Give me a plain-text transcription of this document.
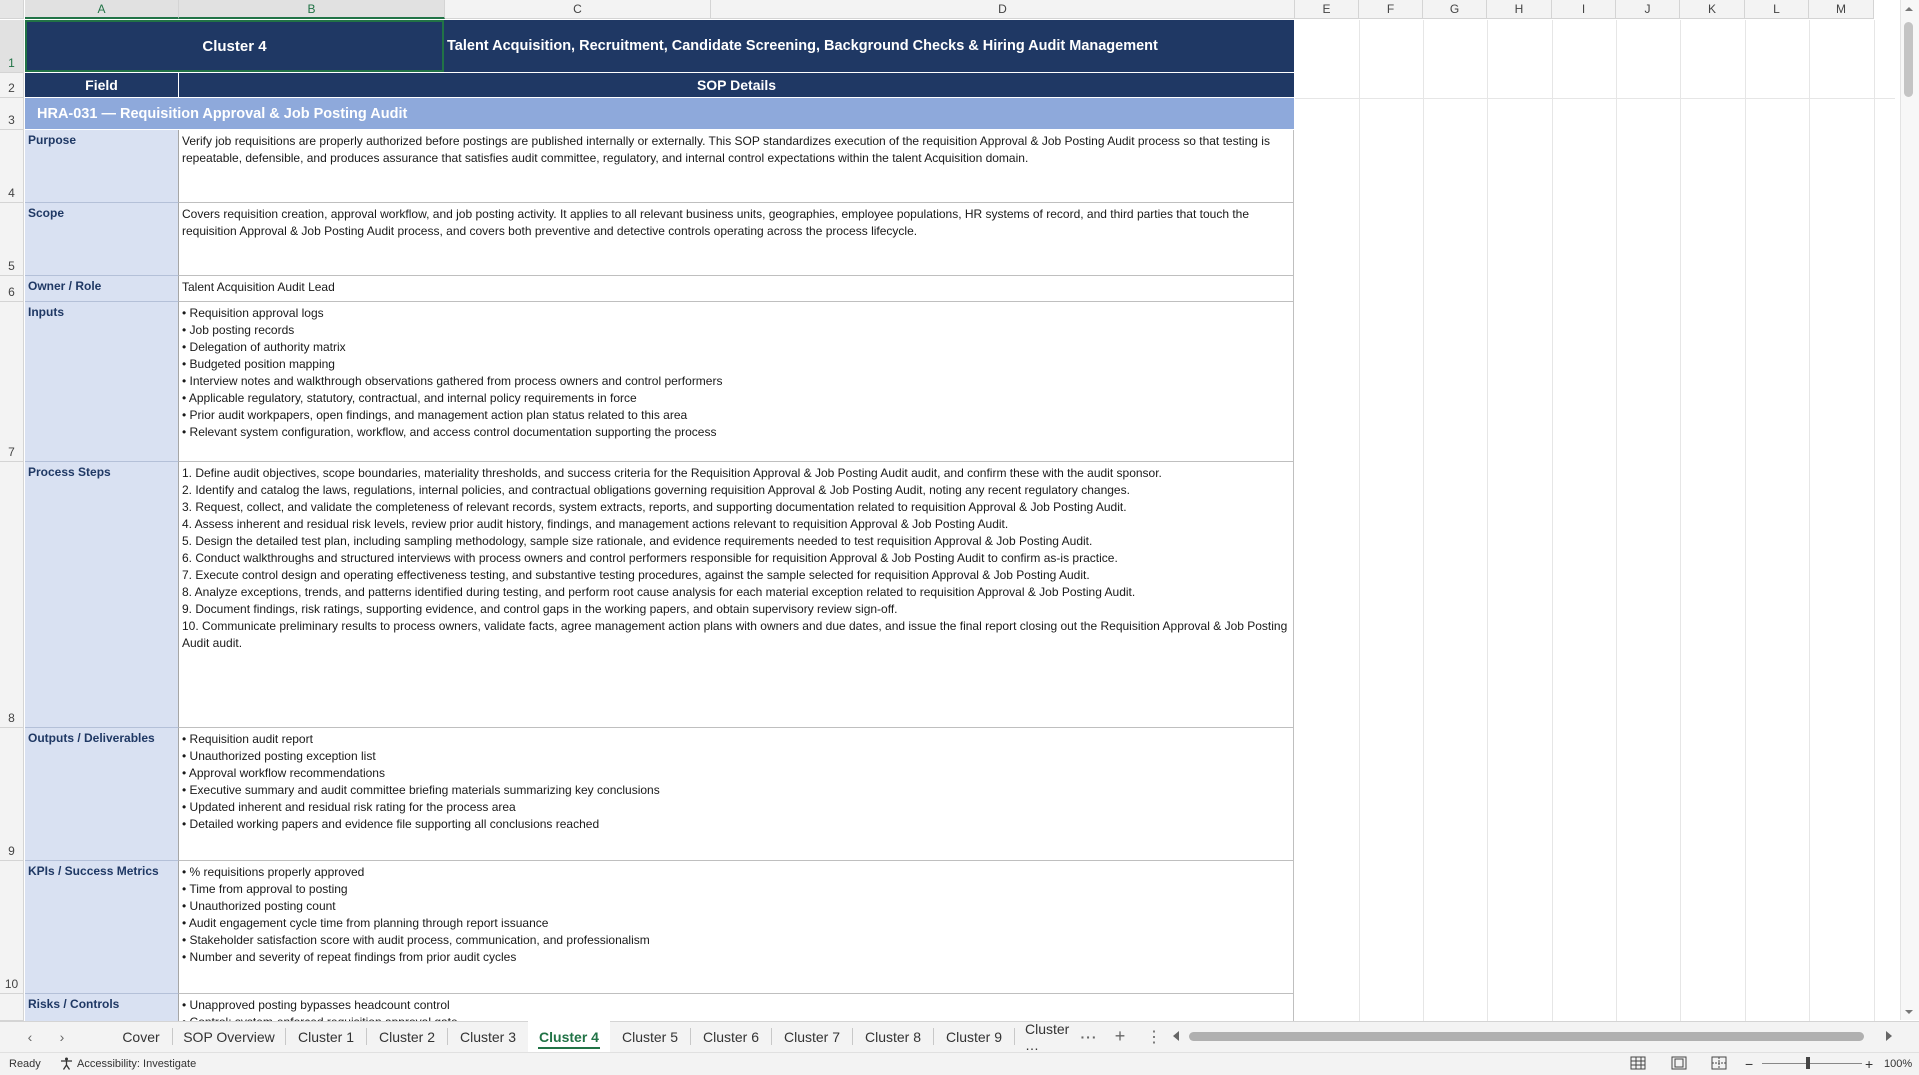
A	B	C	D	E	F	G	H	I	J	K	L	M
1
2
3
4
5
6
7
8
9
10
Cluster 4	Talent Acquisition, Recruitment, Candidate Screening, Background Checks & Hiring Audit Management
Field	SOP Details
HRA-031 — Requisition Approval & Job Posting Audit
Purpose	Verify job requisitions are properly authorized before postings are published internally or externally. This SOP standardizes execution of the requisition Approval & Job Posting Audit process so that testing is repeatable, defensible, and produces assurance that satisfies audit committee, regulatory, and internal control expectations within the talent Acquisition domain.
Scope	Covers requisition creation, approval workflow, and job posting activity. It applies to all relevant business units, geographies, employee populations, HR systems of record, and third parties that touch the requisition Approval & Job Posting Audit process, and covers both preventive and detective controls operating across the process lifecycle.
Owner / Role	Talent Acquisition Audit Lead
Inputs	• Requisition approval logs
• Job posting records
• Delegation of authority matrix
• Budgeted position mapping
• Interview notes and walkthrough observations gathered from process owners and control performers
• Applicable regulatory, statutory, contractual, and internal policy requirements in force
• Prior audit workpapers, open findings, and management action plan status related to this area
• Relevant system configuration, workflow, and access control documentation supporting the process
Process Steps	1. Define audit objectives, scope boundaries, materiality thresholds, and success criteria for the Requisition Approval & Job Posting Audit audit, and confirm these with the audit sponsor.
2. Identify and catalog the laws, regulations, internal policies, and contractual obligations governing requisition Approval & Job Posting Audit, noting any recent regulatory changes.
3. Request, collect, and validate the completeness of relevant records, system extracts, reports, and supporting documentation related to requisition Approval & Job Posting Audit.
4. Assess inherent and residual risk levels, review prior audit history, findings, and management actions relevant to requisition Approval & Job Posting Audit.
5. Design the detailed test plan, including sampling methodology, sample size rationale, and evidence requirements needed to test requisition Approval & Job Posting Audit.
6. Conduct walkthroughs and structured interviews with process owners and control performers responsible for requisition Approval & Job Posting Audit to confirm as-is practice.
7. Execute control design and operating effectiveness testing, and substantive testing procedures, against the sample selected for requisition Approval & Job Posting Audit.
8. Analyze exceptions, trends, and patterns identified during testing, and perform root cause analysis for each material exception related to requisition Approval & Job Posting Audit.
9. Document findings, risk ratings, supporting evidence, and control gaps in the working papers, and obtain supervisory review sign-off.
10. Communicate preliminary results to process owners, validate facts, agree management action plans with owners and due dates, and issue the final report closing out the Requisition Approval & Job Posting Audit audit.
Outputs / Deliverables	• Requisition audit report
• Unauthorized posting exception list
• Approval workflow recommendations
• Executive summary and audit committee briefing materials summarizing key conclusions
• Updated inherent and residual risk rating for the process area
• Detailed working papers and evidence file supporting all conclusions reached
KPIs / Success Metrics	• % requisitions properly approved
• Time from approval to posting
• Unauthorized posting count
• Audit engagement cycle time from planning through report issuance
• Stakeholder satisfaction score with audit process, communication, and professionalism
• Number and severity of repeat findings from prior audit cycles
Risks / Controls	• Unapproved posting bypasses headcount control

‹	›	Cover	SOP Overview	Cluster 1	Cluster 2	Cluster 3	Cluster 4	Cluster 5	Cluster 6	Cluster 7	Cluster 8	Cluster 9	Cluster …	··· +	⋮
Ready	Accessibility: Investigate	−	+ 100%
